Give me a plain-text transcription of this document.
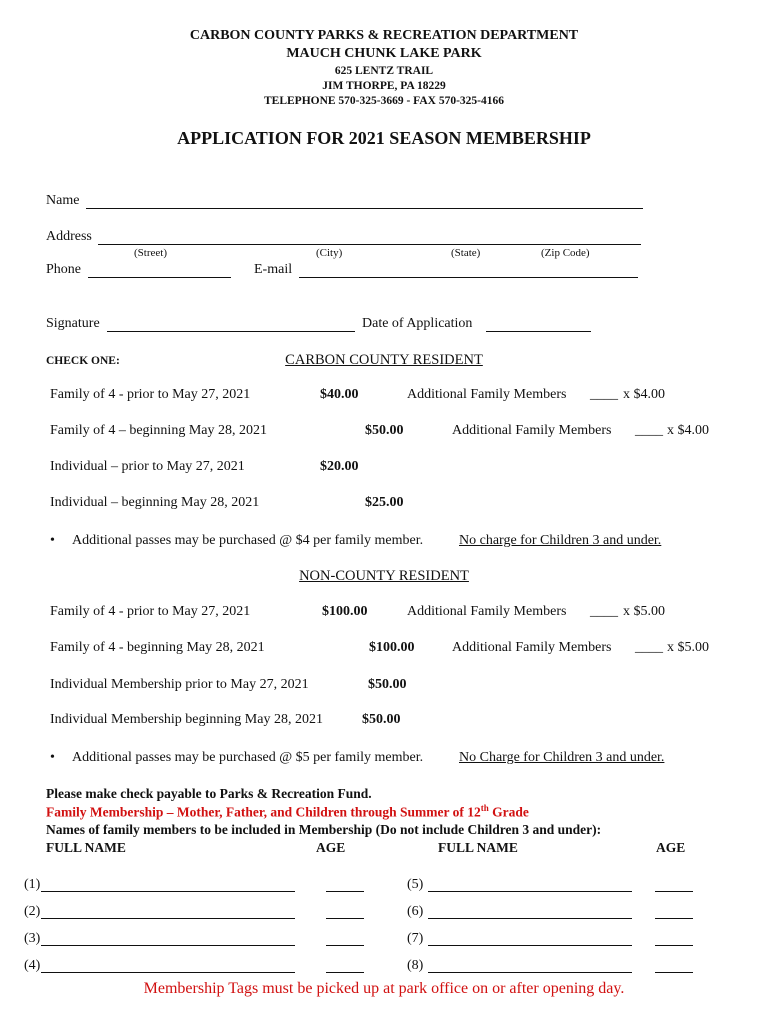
CARBON COUNTY PARKS & RECREATION DEPARTMENT
MAUCH CHUNK LAKE PARK
625 LENTZ TRAIL
JIM THORPE, PA 18229
TELEPHONE 570-325-3669 - FAX 570-325-4166
APPLICATION FOR 2021 SEASON MEMBERSHIP
Name
Address
(Street)	(City)	(State)	(Zip Code)
Phone	E-mail
Signature	Date of Application
CHECK ONE:	CARBON COUNTY RESIDENT
Family of 4 - prior to May 27, 2021	$40.00	Additional Family Members ____ x $4.00
Family of 4 – beginning May 28, 2021	$50.00	Additional Family Members ____ x $4.00
Individual – prior to May 27, 2021	$20.00
Individual – beginning May 28, 2021	$25.00
• Additional passes may be purchased @ $4 per family member.	No charge for Children 3 and under.
NON-COUNTY RESIDENT
Family of 4 - prior to May 27, 2021	$100.00	Additional Family Members ____ x $5.00
Family of 4 - beginning May 28, 2021	$100.00	Additional Family Members ____ x $5.00
Individual Membership prior to May 27, 2021	$50.00
Individual Membership beginning May 28, 2021	$50.00
• Additional passes may be purchased @ $5 per family member.	No Charge for Children 3 and under.
Please make check payable to Parks & Recreation Fund.
Family Membership – Mother, Father, and Children through Summer of 12th Grade
Names of family members to be included in Membership (Do not include Children 3 and under):
FULL NAME	AGE	FULL NAME	AGE
(1)	(5)
(2)	(6)
(3)	(7)
(4)	(8)
Membership Tags must be picked up at park office on or after opening day.
